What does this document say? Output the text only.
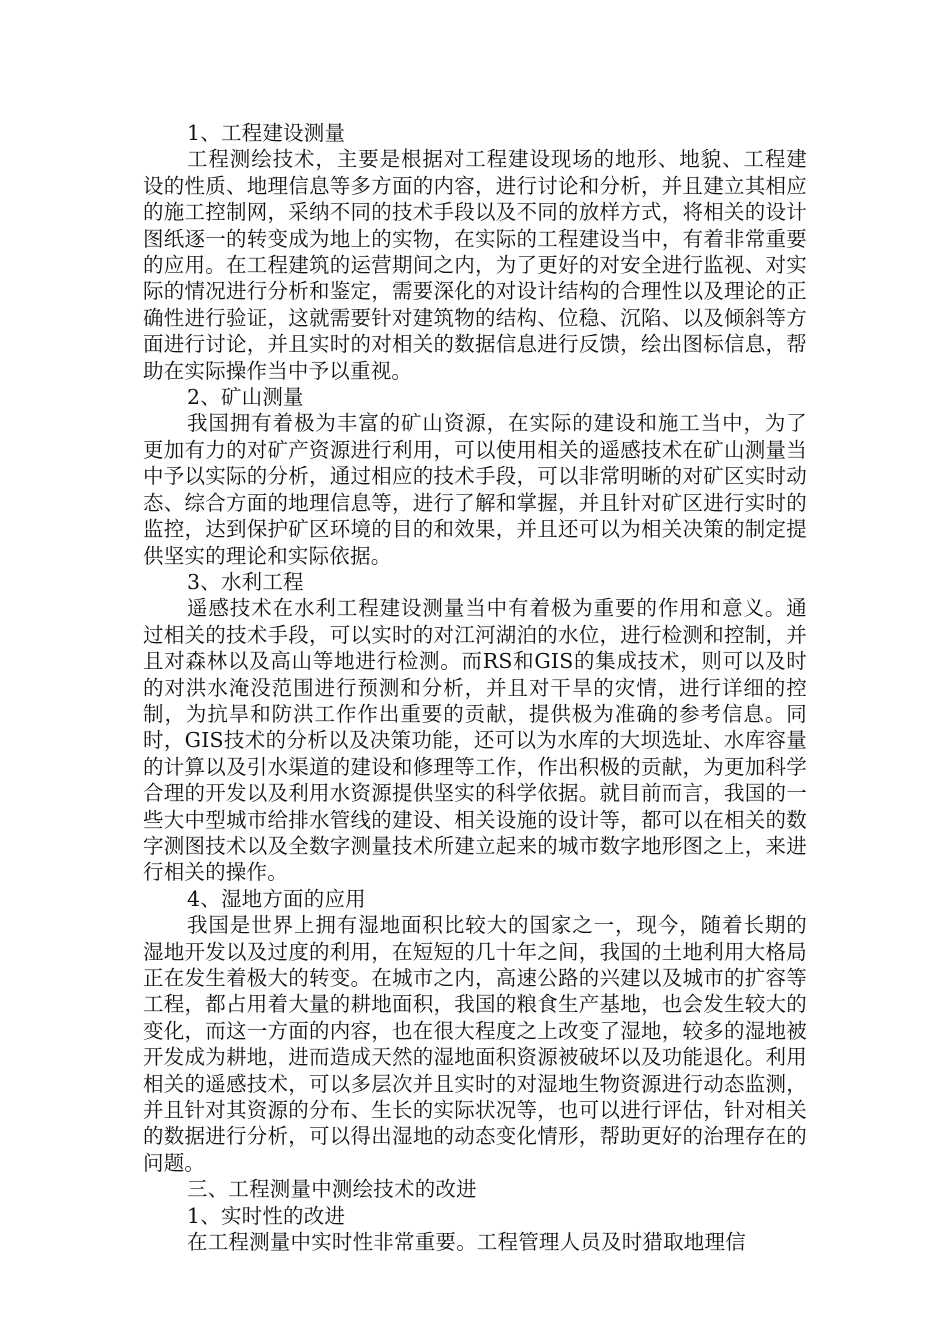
1、工程建设测量

工程测绘技术，主要是根据对工程建设现场的地形、地貌、工程建设的性质、地理信息等多方面的内容，进行讨论和分析，并且建立其相应的施工控制网，采纳不同的技术手段以及不同的放样方式，将相关的设计图纸逐一的转变成为地上的实物，在实际的工程建设当中，有着非常重要的应用。在工程建筑的运营期间之内，为了更好的对安全进行监视、对实际的情况进行分析和鉴定，需要深化的对设计结构的合理性以及理论的正确性进行验证，这就需要针对建筑物的结构、位稳、沉陷、以及倾斜等方面进行讨论，并且实时的对相关的数据信息进行反馈，绘出图标信息，帮助在实际操作当中予以重视。

2、矿山测量

我国拥有着极为丰富的矿山资源，在实际的建设和施工当中，为了更加有力的对矿产资源进行利用，可以使用相关的遥感技术在矿山测量当中予以实际的分析，通过相应的技术手段，可以非常明晰的对矿区实时动态、综合方面的地理信息等，进行了解和掌握，并且针对矿区进行实时的监控，达到保护矿区环境的目的和效果，并且还可以为相关决策的制定提供坚实的理论和实际依据。

3、水利工程

遥感技术在水利工程建设测量当中有着极为重要的作用和意义。通过相关的技术手段，可以实时的对江河湖泊的水位，进行检测和控制，并且对森林以及高山等地进行检测。而RS和GIS的集成技术，则可以及时的对洪水淹没范围进行预测和分析，并且对干旱的灾情，进行详细的控制，为抗旱和防洪工作作出重要的贡献，提供极为准确的参考信息。同时，GIS技术的分析以及决策功能，还可以为水库的大坝选址、水库容量的计算以及引水渠道的建设和修理等工作，作出积极的贡献，为更加科学合理的开发以及利用水资源提供坚实的科学依据。就目前而言，我国的一些大中型城市给排水管线的建设、相关设施的设计等，都可以在相关的数字测图技术以及全数字测量技术所建立起来的城市数字地形图之上，来进行相关的操作。

4、湿地方面的应用

我国是世界上拥有湿地面积比较大的国家之一，现今，随着长期的湿地开发以及过度的利用，在短短的几十年之间，我国的土地利用大格局正在发生着极大的转变。在城市之内，高速公路的兴建以及城市的扩容等工程，都占用着大量的耕地面积，我国的粮食生产基地，也会发生较大的变化，而这一方面的内容，也在很大程度之上改变了湿地，较多的湿地被开发成为耕地，进而造成天然的湿地面积资源被破坏以及功能退化。利用相关的遥感技术，可以多层次并且实时的对湿地生物资源进行动态监测，并且针对其资源的分布、生长的实际状况等，也可以进行评估，针对相关的数据进行分析，可以得出湿地的动态变化情形，帮助更好的治理存在的问题。

三、工程测量中测绘技术的改进

1、实时性的改进

在工程测量中实时性非常重要。工程管理人员及时猎取地理信
